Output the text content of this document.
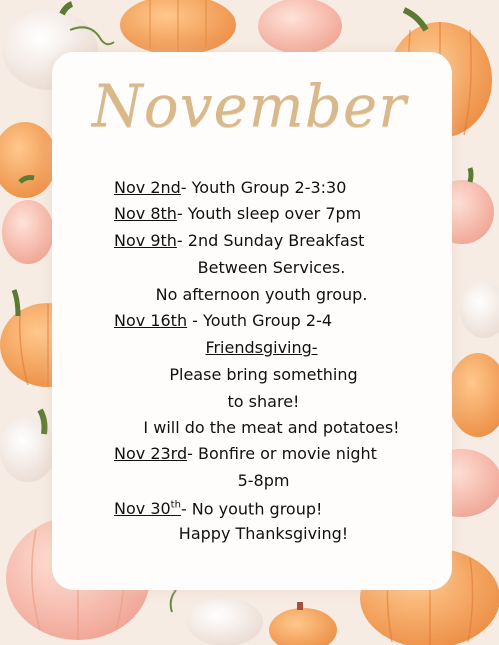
November
Nov 2nd- Youth Group 2-3:30
Nov 8th- Youth sleep over 7pm
Nov 9th- 2nd Sunday Breakfast
Between Services.
No afternoon youth group.
Nov 16th - Youth Group 2-4
Friendsgiving-
Please bring something
to share!
I will do the meat and potatoes!
Nov 23rd- Bonfire or movie night
5-8pm
Nov 30th- No youth group!
Happy Thanksgiving!
